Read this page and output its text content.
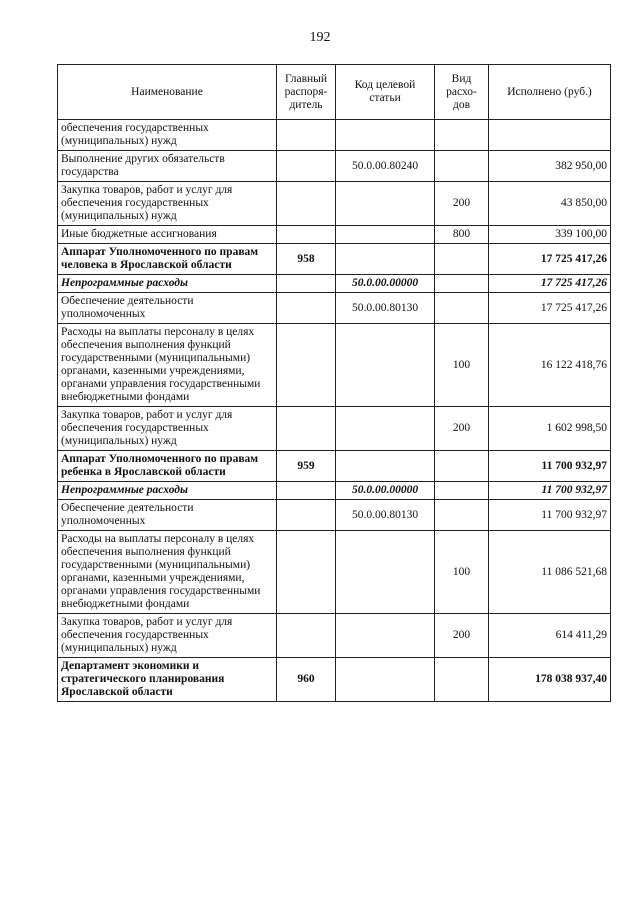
192
Наименование	Главный распоря-дитель	Код целевой статьи	Вид расхо-дов	Исполнено (руб.)
обеспечения государственных (муниципальных) нужд				
Выполнение других обязательств государства		50.0.00.80240		382 950,00
Закупка товаров, работ и услуг для обеспечения государственных (муниципальных) нужд			200	43 850,00
Иные бюджетные ассигнования			800	339 100,00
Аппарат Уполномоченного по правам человека в Ярославской области	958			17 725 417,26
Непрограммные расходы		50.0.00.00000		17 725 417,26
Обеспечение деятельности уполномоченных		50.0.00.80130		17 725 417,26
Расходы на выплаты персоналу в целях обеспечения выполнения функций государственными (муниципальными) органами, казенными учреждениями, органами управления государственными внебюджетными фондами			100	16 122 418,76
Закупка товаров, работ и услуг для обеспечения государственных (муниципальных) нужд			200	1 602 998,50
Аппарат Уполномоченного по правам ребенка в Ярославской области	959			11 700 932,97
Непрограммные расходы		50.0.00.00000		11 700 932,97
Обеспечение деятельности уполномоченных		50.0.00.80130		11 700 932,97
Расходы на выплаты персоналу в целях обеспечения выполнения функций государственными (муниципальными) органами, казенными учреждениями, органами управления государственными внебюджетными фондами			100	11 086 521,68
Закупка товаров, работ и услуг для обеспечения государственных (муниципальных) нужд			200	614 411,29
Департамент экономики и стратегического планирования Ярославской области	960			178 038 937,40
